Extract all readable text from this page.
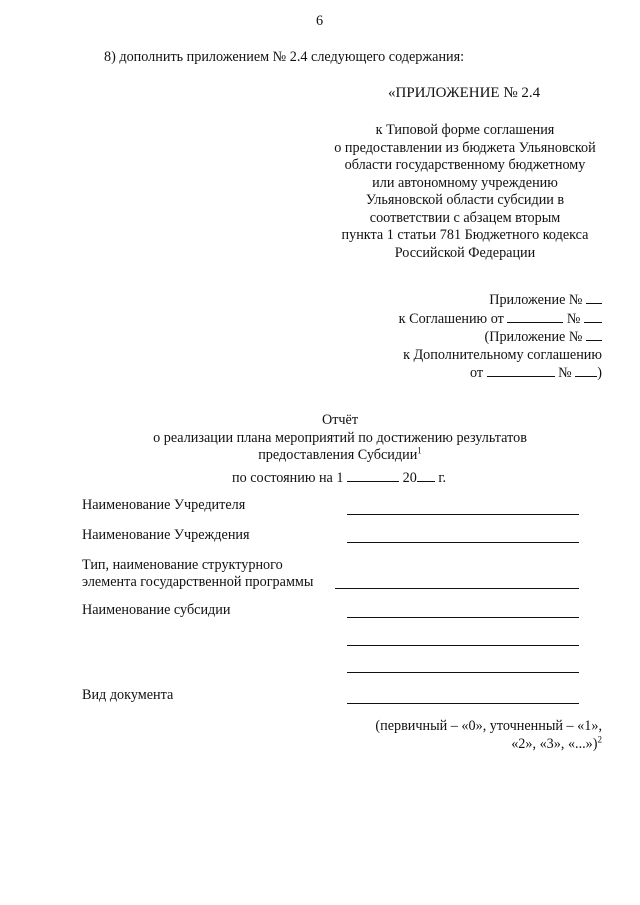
6
8) дополнить приложением № 2.4 следующего содержания:
«ПРИЛОЖЕНИЕ № 2.4
к Типовой форме соглашения
о предоставлении из бюджета Ульяновской
области государственному бюджетному
или автономному учреждению
Ульяновской области субсидии в
соответствии с абзацем вторым
пункта 1 статьи 781 Бюджетного кодекса
Российской Федерации
Приложение №
к Соглашению от	№
(Приложение №
к Дополнительному соглашению
от	№ )
Отчёт
о реализации плана мероприятий по достижению результатов
предоставления Субсидии$^1$
по состоянию на 1	20 г.
Наименование Учредителя
Наименование Учреждения
Тип, наименование структурного
элемента государственной программы
Наименование субсидии
Вид документа
(первичный – «0», уточненный – «1»,
«2», «3», «...»)$^2$
